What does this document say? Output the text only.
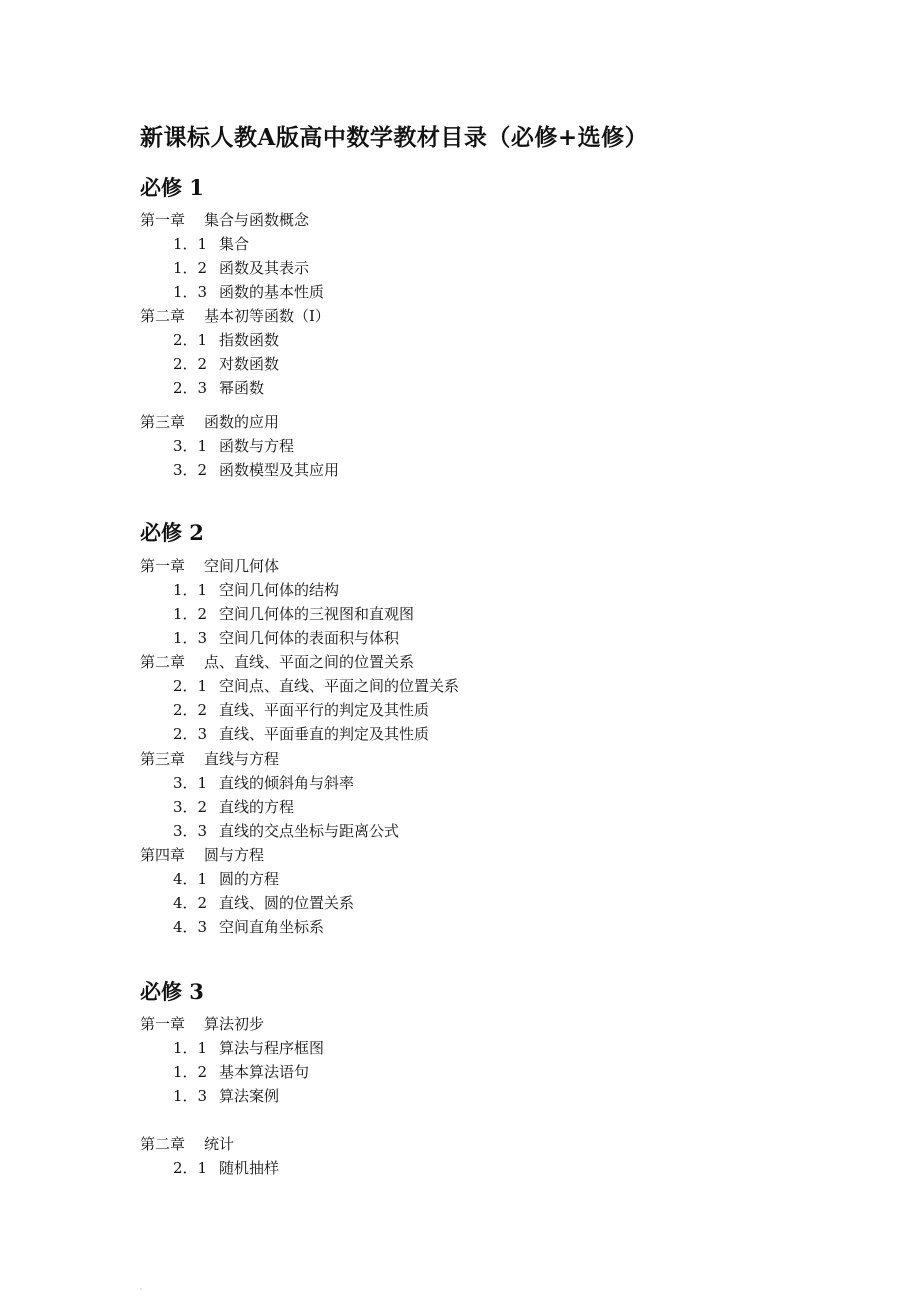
新课标人教A版高中数学教材目录（必修+选修）
必修 1
第一章 集合与函数概念
1．1 集合
1．2 函数及其表示
1．3 函数的基本性质
第二章 基本初等函数（Ⅰ）
2．1 指数函数
2．2 对数函数
2．3 幂函数
第三章 函数的应用
3．1 函数与方程
3．2 函数模型及其应用
必修 2
第一章 空间几何体
1．1 空间几何体的结构
1．2 空间几何体的三视图和直观图
1．3 空间几何体的表面积与体积
第二章 点、直线、平面之间的位置关系
2．1 空间点、直线、平面之间的位置关系
2．2 直线、平面平行的判定及其性质
2．3 直线、平面垂直的判定及其性质
第三章 直线与方程
3．1 直线的倾斜角与斜率
3．2 直线的方程
3．3 直线的交点坐标与距离公式
第四章 圆与方程
4．1 圆的方程
4．2 直线、圆的位置关系
4．3 空间直角坐标系
必修 3
第一章 算法初步
1．1 算法与程序框图
1．2 基本算法语句
1．3 算法案例
第二章 统计
2．1 随机抽样
